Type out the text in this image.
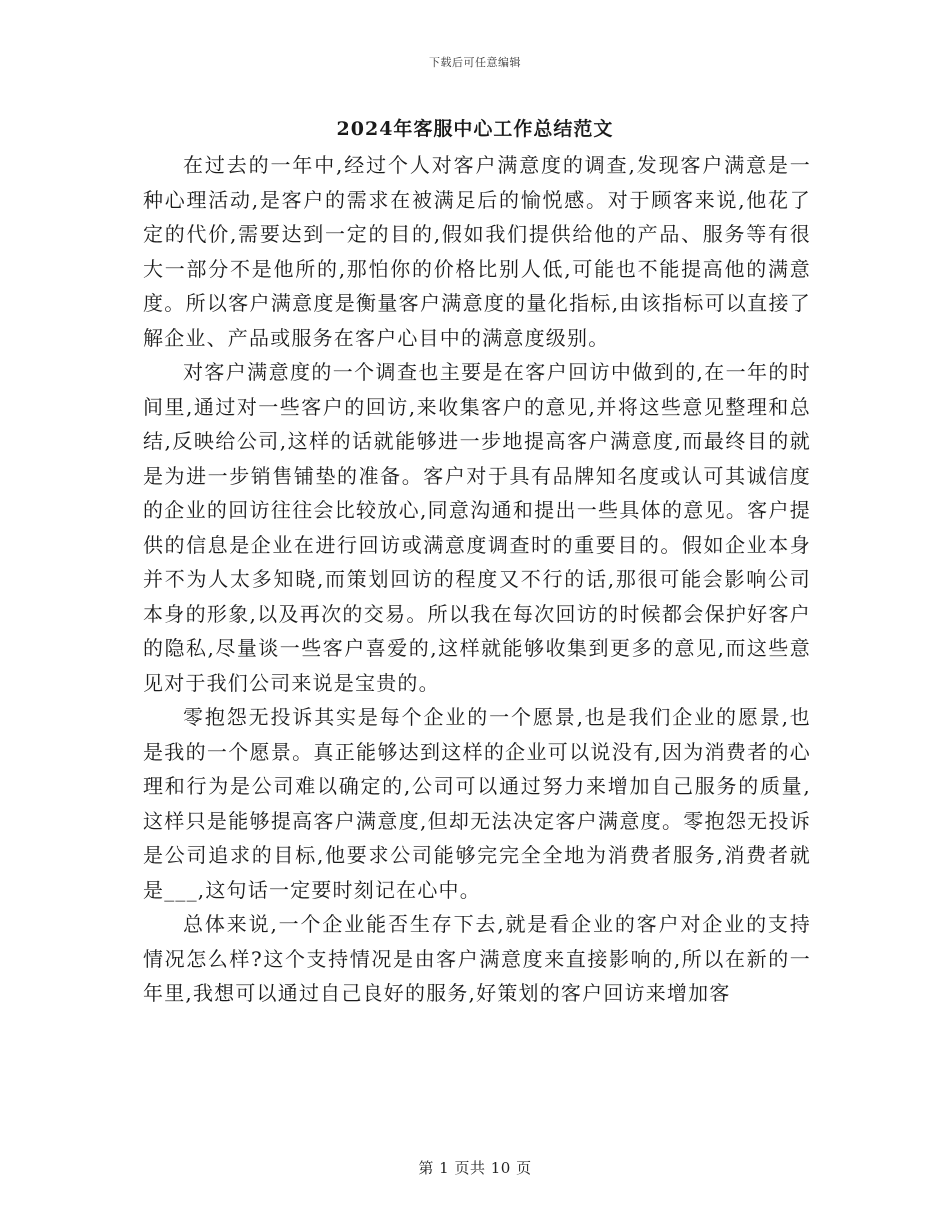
下载后可任意编辑
2024年客服中心工作总结范文

在过去的一年中,经过个人对客户满意度的调查,发现客户满意是一种心理活动,是客户的需求在被满足后的愉悦感。对于顾客来说,他花了定的代价,需要达到一定的目的,假如我们提供给他的产品、服务等有很大一部分不是他所的,那怕你的价格比别人低,可能也不能提高他的满意度。所以客户满意度是衡量客户满意度的量化指标,由该指标可以直接了解企业、产品或服务在客户心目中的满意度级别。

对客户满意度的一个调查也主要是在客户回访中做到的,在一年的时间里,通过对一些客户的回访,来收集客户的意见,并将这些意见整理和总结,反映给公司,这样的话就能够进一步地提高客户满意度,而最终目的就是为进一步销售铺垫的准备。客户对于具有品牌知名度或认可其诚信度的企业的回访往往会比较放心,同意沟通和提出一些具体的意见。客户提供的信息是企业在进行回访或满意度调查时的重要目的。假如企业本身并不为人太多知晓,而策划回访的程度又不行的话,那很可能会影响公司本身的形象,以及再次的交易。所以我在每次回访的时候都会保护好客户的隐私,尽量谈一些客户喜爱的,这样就能够收集到更多的意见,而这些意见对于我们公司来说是宝贵的。

零抱怨无投诉其实是每个企业的一个愿景,也是我们企业的愿景,也是我的一个愿景。真正能够达到这样的企业可以说没有,因为消费者的心理和行为是公司难以确定的,公司可以通过努力来增加自己服务的质量,这样只是能够提高客户满意度,但却无法决定客户满意度。零抱怨无投诉是公司追求的目标,他要求公司能够完完全全地为消费者服务,消费者就是___,这句话一定要时刻记在心中。

总体来说,一个企业能否生存下去,就是看企业的客户对企业的支持情况怎么样?这个支持情况是由客户满意度来直接影响的,所以在新的一年里,我想可以通过自己良好的服务,好策划的客户回访来增加客

第 1 页共 10 页
